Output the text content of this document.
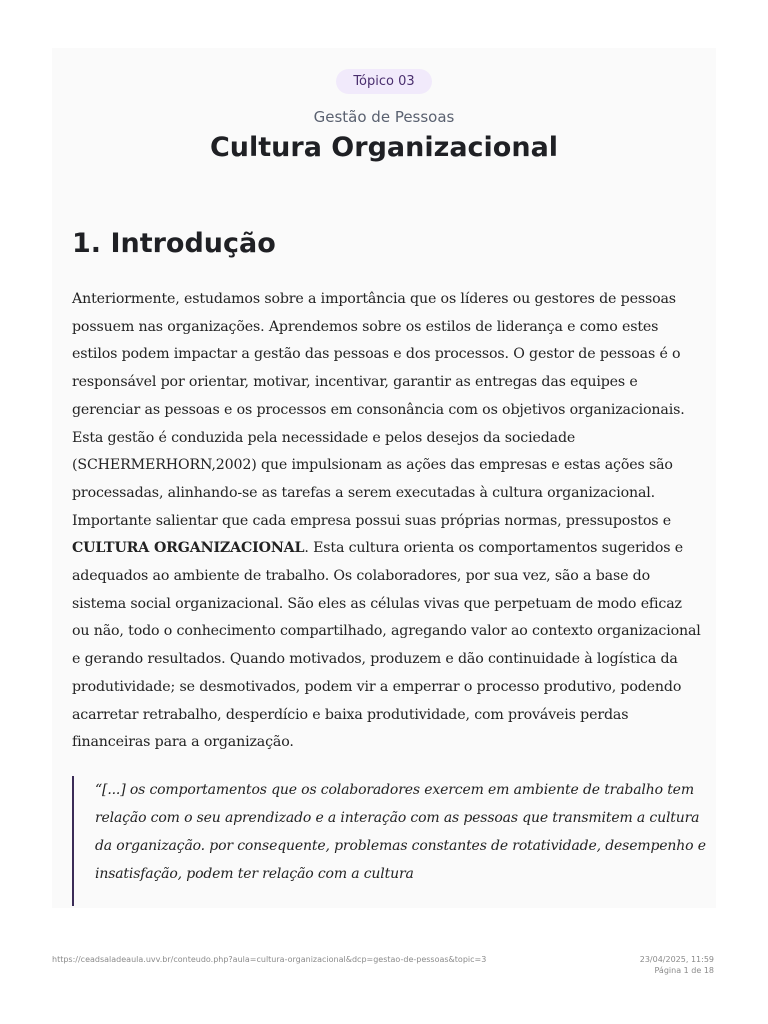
Tópico 03
Gestão de Pessoas
Cultura Organizacional
1. Introdução

Anteriormente, estudamos sobre a importância que os líderes ou gestores de pessoas possuem nas organizações. Aprendemos sobre os estilos de liderança e como estes estilos podem impactar a gestão das pessoas e dos processos. O gestor de pessoas é o responsável por orientar, motivar, incentivar, garantir as entregas das equipes e gerenciar as pessoas e os processos em consonância com os objetivos organizacionais. Esta gestão é conduzida pela necessidade e pelos desejos da sociedade (SCHERMERHORN,2002) que impulsionam as ações das empresas e estas ações são processadas, alinhando-se as tarefas a serem executadas à cultura organizacional. Importante salientar que cada empresa possui suas próprias normas, pressupostos e CULTURA ORGANIZACIONAL. Esta cultura orienta os comportamentos sugeridos e adequados ao ambiente de trabalho. Os colaboradores, por sua vez, são a base do sistema social organizacional. São eles as células vivas que perpetuam de modo eficaz ou não, todo o conhecimento compartilhado, agregando valor ao contexto organizacional e gerando resultados. Quando motivados, produzem e dão continuidade à logística da produtividade; se desmotivados, podem vir a emperrar o processo produtivo, podendo acarretar retrabalho, desperdício e baixa produtividade, com prováveis perdas financeiras para a organização.

“[...] os comportamentos que os colaboradores exercem em ambiente de trabalho tem relação com o seu aprendizado e a interação com as pessoas que transmitem a cultura da organização. por consequente, problemas constantes de rotatividade, desempenho e insatisfação, podem ter relação com a cultura
https://ceadsaladeaula.uvv.br/conteudo.php?aula=cultura-organizacional&dcp=gestao-de-pessoas&topic=3	23/04/2025, 11:59
Página 1 de 18
